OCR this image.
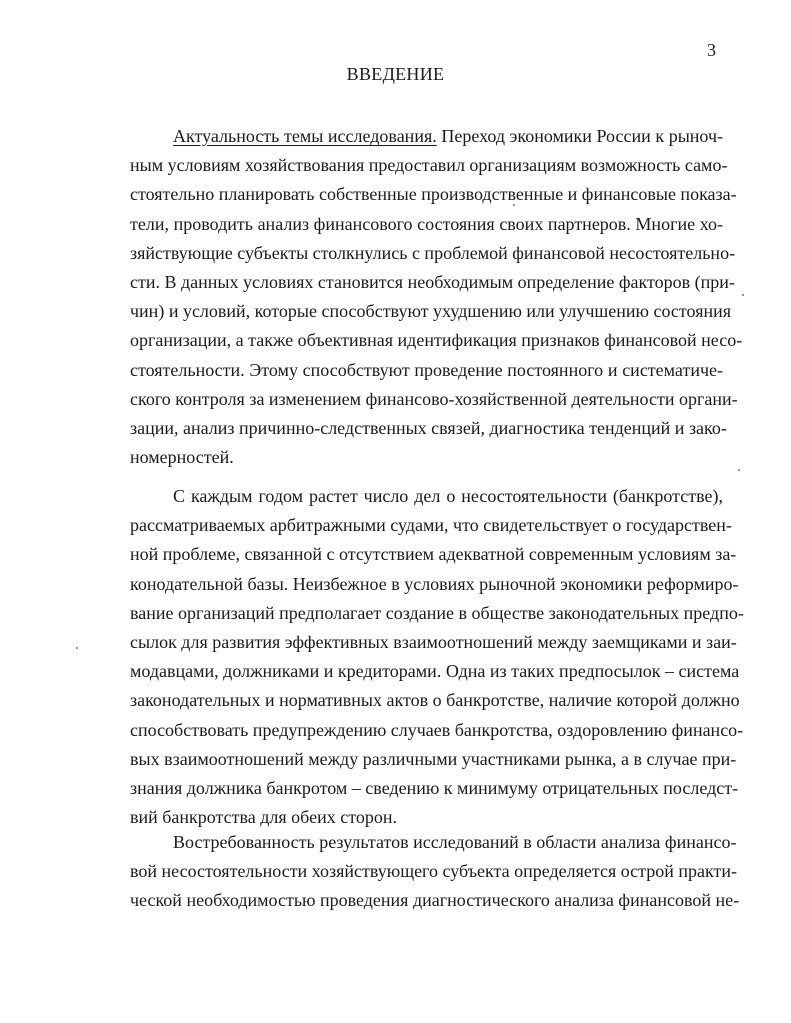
3
ВВЕДЕНИЕ
Актуальность темы исследования. Переход экономики России к рыноч-
ным условиям хозяйствования предоставил организациям возможность само-
стоятельно планировать собственные производственные и финансовые показа-
тели, проводить анализ финансового состояния своих партнеров. Многие хо-
зяйствующие субъекты столкнулись с проблемой финансовой несостоятельно-
сти. В данных условиях становится необходимым определение факторов (при-
чин) и условий, которые способствуют ухудшению или улучшению состояния
организации, а также объективная идентификация признаков финансовой несо-
стоятельности. Этому способствуют проведение постоянного и систематиче-
ского контроля за изменением финансово-хозяйственной деятельности органи-
зации, анализ причинно-следственных связей, диагностика тенденций и зако-
номерностей.
С каждым годом растет число дел о несостоятельности (банкротстве),
рассматриваемых арбитражными судами, что свидетельствует о государствен-
ной проблеме, связанной с отсутствием адекватной современным условиям за-
конодательной базы. Неизбежное в условиях рыночной экономики реформиро-
вание организаций предполагает создание в обществе законодательных предпо-
сылок для развития эффективных взаимоотношений между заемщиками и заи-
модавцами, должниками и кредиторами. Одна из таких предпосылок – система
законодательных и нормативных актов о банкротстве, наличие которой должно
способствовать предупреждению случаев банкротства, оздоровлению финансо-
вых взаимоотношений между различными участниками рынка, а в случае при-
знания должника банкротом – сведению к минимуму отрицательных последст-
вий банкротства для обеих сторон.
Востребованность результатов исследований в области анализа финансо-
вой несостоятельности хозяйствующего субъекта определяется острой практи-
ческой необходимостью проведения диагностического анализа финансовой не-
